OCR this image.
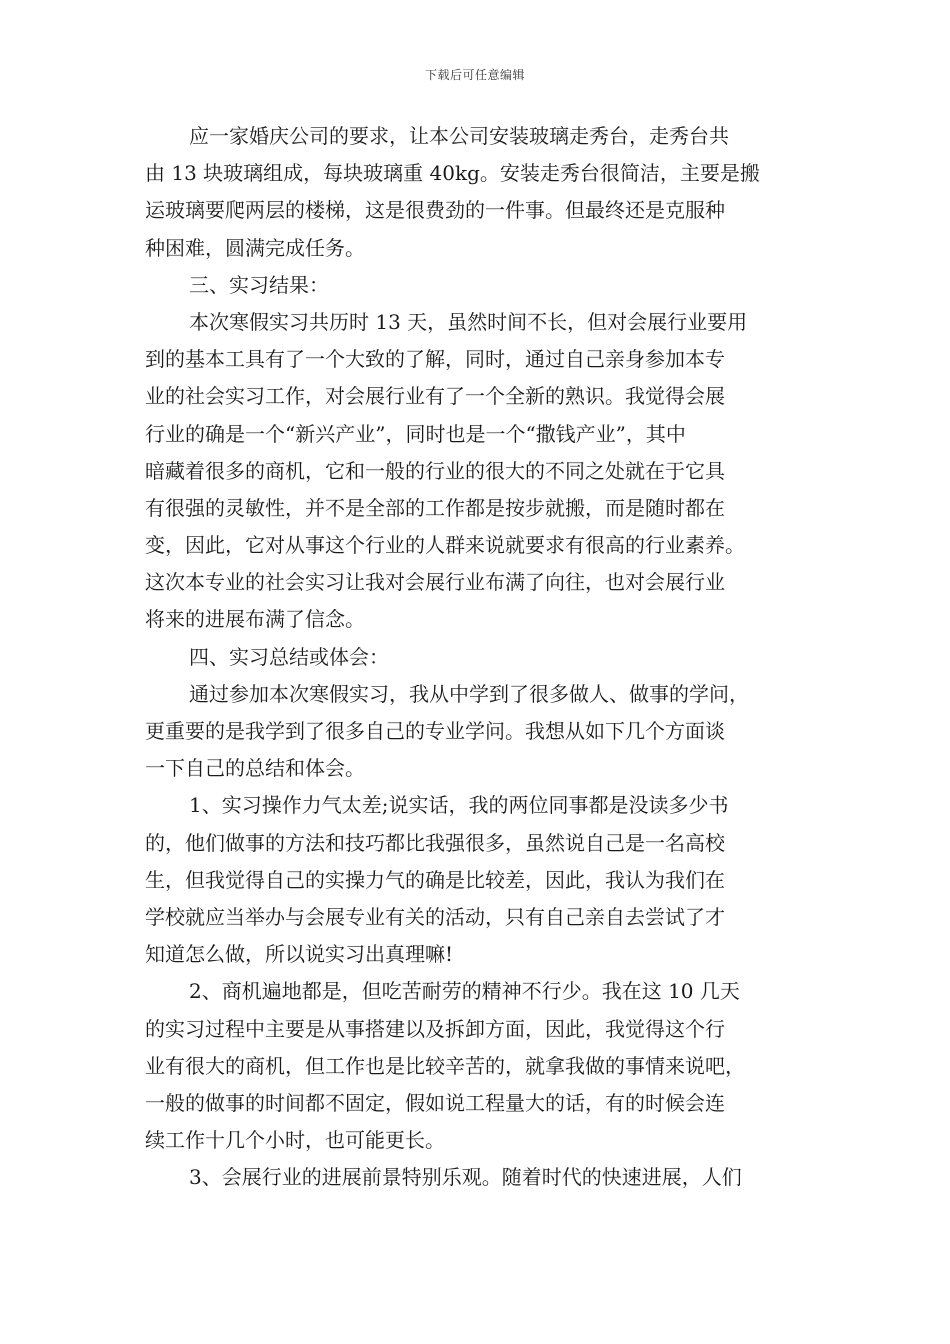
下载后可任意编辑
应一家婚庆公司的要求，让本公司安装玻璃走秀台，走秀台共
由 13 块玻璃组成，每块玻璃重 40kg。安装走秀台很简洁，主要是搬
运玻璃要爬两层的楼梯，这是很费劲的一件事。但最终还是克服种
种困难，圆满完成任务。
三、实习结果：
本次寒假实习共历时 13 天，虽然时间不长，但对会展行业要用
到的基本工具有了一个大致的了解，同时，通过自己亲身参加本专
业的社会实习工作，对会展行业有了一个全新的熟识。我觉得会展
行业的确是一个“新兴产业”，同时也是一个“撒钱产业”，其中
暗藏着很多的商机，它和一般的行业的很大的不同之处就在于它具
有很强的灵敏性，并不是全部的工作都是按步就搬，而是随时都在
变，因此，它对从事这个行业的人群来说就要求有很高的行业素养。
这次本专业的社会实习让我对会展行业布满了向往，也对会展行业
将来的进展布满了信念。
四、实习总结或体会：
通过参加本次寒假实习，我从中学到了很多做人、做事的学问，
更重要的是我学到了很多自己的专业学问。我想从如下几个方面谈
一下自己的总结和体会。
1、实习操作力气太差;说实话，我的两位同事都是没读多少书
的，他们做事的方法和技巧都比我强很多，虽然说自己是一名高校
生，但我觉得自己的实操力气的确是比较差，因此，我认为我们在
学校就应当举办与会展专业有关的活动，只有自己亲自去尝试了才
知道怎么做，所以说实习出真理嘛!
2、商机遍地都是，但吃苦耐劳的精神不行少。我在这 10 几天
的实习过程中主要是从事搭建以及拆卸方面，因此，我觉得这个行
业有很大的商机，但工作也是比较辛苦的，就拿我做的事情来说吧，
一般的做事的时间都不固定，假如说工程量大的话，有的时候会连
续工作十几个小时，也可能更长。
3、会展行业的进展前景特别乐观。随着时代的快速进展，人们
